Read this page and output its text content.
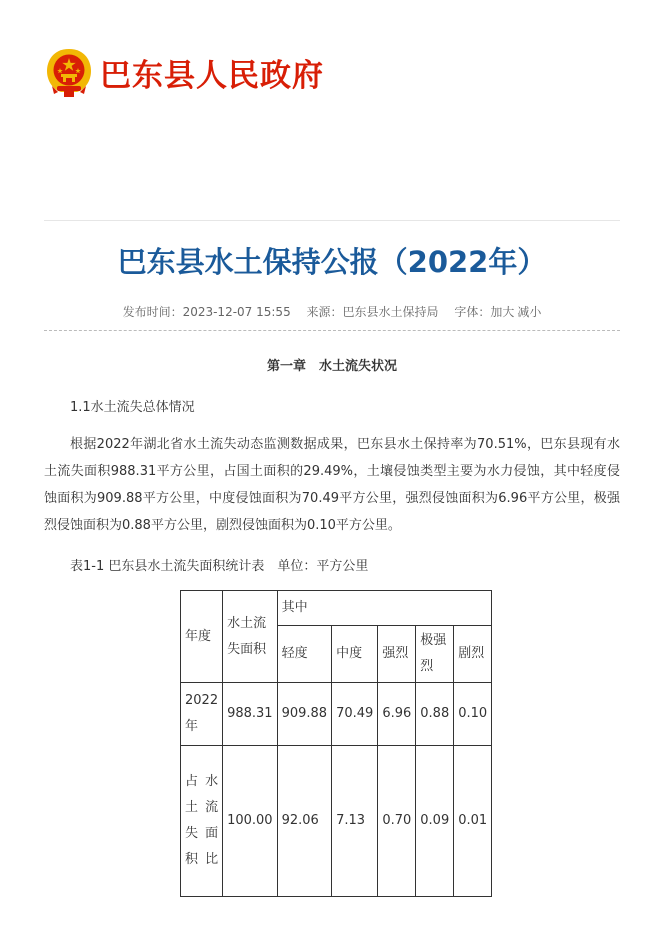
巴东县人民政府
巴东县水土保持公报（2022年）
发布时间：2023-12-07 15:55 来源：巴东县水土保持局 字体：加大 减小
第一章　水土流失状况
1.1水土流失总体情况
根据2022年湖北省水土流失动态监测数据成果，巴东县水土保持率为70.51%，巴东县现有水土流失面积988.31平方公里，占国土面积的29.49%，土壤侵蚀类型主要为水力侵蚀，其中轻度侵蚀面积为909.88平方公里，中度侵蚀面积为70.49平方公里，强烈侵蚀面积为6.96平方公里，极强烈侵蚀面积为0.88平方公里，剧烈侵蚀面积为0.10平方公里。
表1-1 巴东县水土流失面积统计表　单位：平方公里
年度	水土流失面积	其中				
		轻度	中度	强烈	极强烈	剧烈
2022年	988.31	909.88	70.49	6.96	0.88	0.10
占水土流失面积比	100.00	92.06	7.13	0.70	0.09	0.01
